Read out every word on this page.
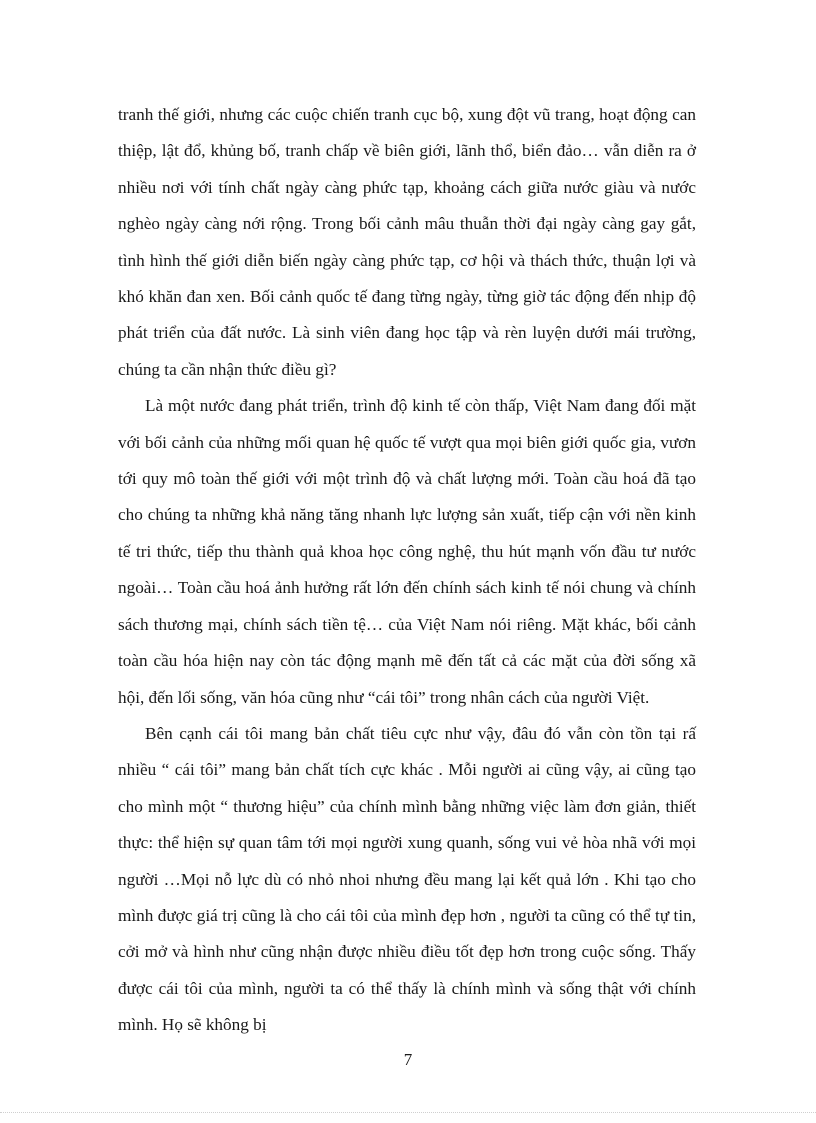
tranh thế giới, nhưng các cuộc chiến tranh cục bộ, xung đột vũ trang, hoạt động can thiệp, lật đổ, khủng bố, tranh chấp về biên giới, lãnh thổ, biển đảo… vẫn diễn ra ở nhiều nơi với tính chất ngày càng phức tạp, khoảng cách giữa nước giàu và nước nghèo ngày càng nới rộng. Trong bối cảnh mâu thuẫn thời đại ngày càng gay gắt, tình hình thế giới diễn biến ngày càng phức tạp, cơ hội và thách thức, thuận lợi và khó khăn đan xen. Bối cảnh quốc tế đang từng ngày, từng giờ tác động đến nhịp độ phát triển của đất nước. Là sinh viên đang học tập và rèn luyện dưới mái trường, chúng ta cần nhận thức điều gì?

Là một nước đang phát triển, trình độ kinh tế còn thấp, Việt Nam đang đối mặt với bối cảnh của những mối quan hệ quốc tế vượt qua mọi biên giới quốc gia, vươn tới quy mô toàn thế giới với một trình độ và chất lượng mới. Toàn cầu hoá đã tạo cho chúng ta những khả năng tăng nhanh lực lượng sản xuất, tiếp cận với nền kinh tế tri thức, tiếp thu thành quả khoa học công nghệ, thu hút mạnh vốn đầu tư nước ngoài… Toàn cầu hoá ảnh hưởng rất lớn đến chính sách kinh tế nói chung và chính sách thương mại, chính sách tiền tệ… của Việt Nam nói riêng. Mặt khác, bối cảnh toàn cầu hóa hiện nay còn tác động mạnh mẽ đến tất cả các mặt của đời sống xã hội, đến lối sống, văn hóa cũng như “cái tôi” trong nhân cách của người Việt.

Bên cạnh cái tôi mang bản chất tiêu cực như vậy, đâu đó vẫn còn tồn tại rấ nhiều “ cái tôi” mang bản chất tích cực khác . Mỗi người ai cũng vậy, ai cũng tạo cho mình một “ thương hiệu” của chính mình bằng những việc làm đơn giản, thiết thực: thể hiện sự quan tâm tới mọi người xung quanh, sống vui vẻ hòa nhã với mọi người …Mọi nỗ lực dù có nhỏ nhoi nhưng đều mang lại kết quả lớn . Khi tạo cho mình được giá trị cũng là cho cái tôi của mình đẹp hơn , người ta cũng có thể tự tin, cởi mở và hình như cũng nhận được nhiều điều tốt đẹp hơn trong cuộc sống. Thấy được cái tôi của mình, người ta có thể thấy là chính mình và sống thật với chính mình. Họ sẽ không bị

7
